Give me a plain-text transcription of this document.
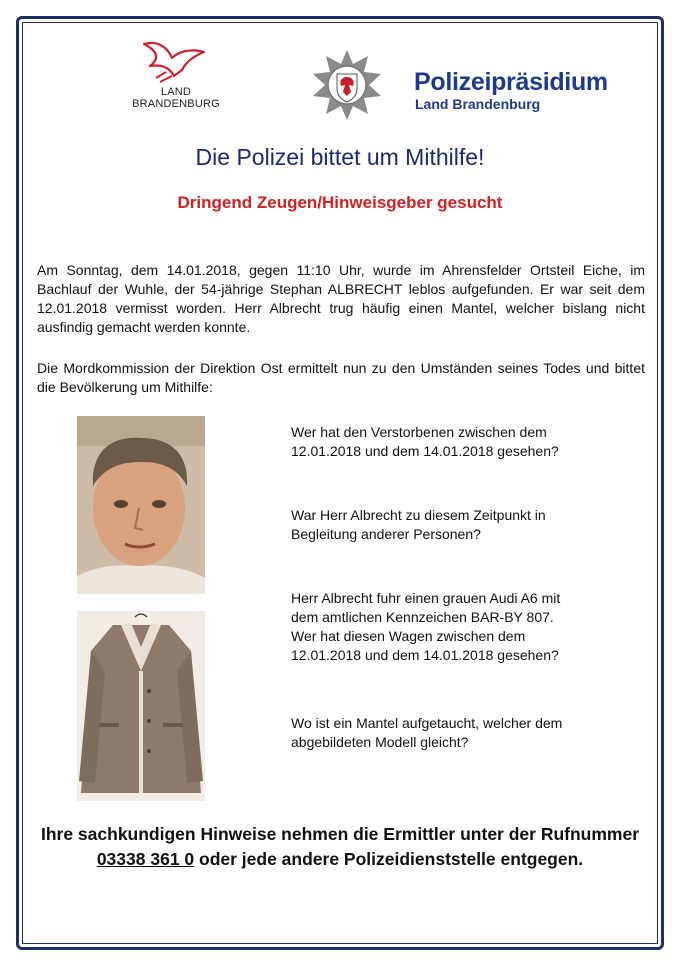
LAND
BRANDENBURG
Polizeipräsidium
Land Brandenburg
Die Polizei bittet um Mithilfe!
Dringend Zeugen/Hinweisgeber gesucht
Am Sonntag, dem 14.01.2018, gegen 11:10 Uhr, wurde im Ahrensfelder Ortsteil Eiche, im Bachlauf der Wuhle, der 54-jährige Stephan ALBRECHT leblos aufgefunden. Er war seit dem 12.01.2018 vermisst worden. Herr Albrecht trug häufig einen Mantel, welcher bislang nicht ausfindig gemacht werden konnte.
Die Mordkommission der Direktion Ost ermittelt nun zu den Umständen seines Todes und bittet die Bevölkerung um Mithilfe:
Wer hat den Verstorbenen zwischen dem 12.01.2018 und dem 14.01.2018 gesehen?
War Herr Albrecht zu diesem Zeitpunkt in Begleitung anderer Personen?
Herr Albrecht fuhr einen grauen Audi A6 mit dem amtlichen Kennzeichen BAR-BY 807. Wer hat diesen Wagen zwischen dem 12.01.2018 und dem 14.01.2018 gesehen?
Wo ist ein Mantel aufgetaucht, welcher dem abgebildeten Modell gleicht?
Ihre sachkundigen Hinweise nehmen die Ermittler unter der Rufnummer 03338 361 0 oder jede andere Polizeidienststelle entgegen.
